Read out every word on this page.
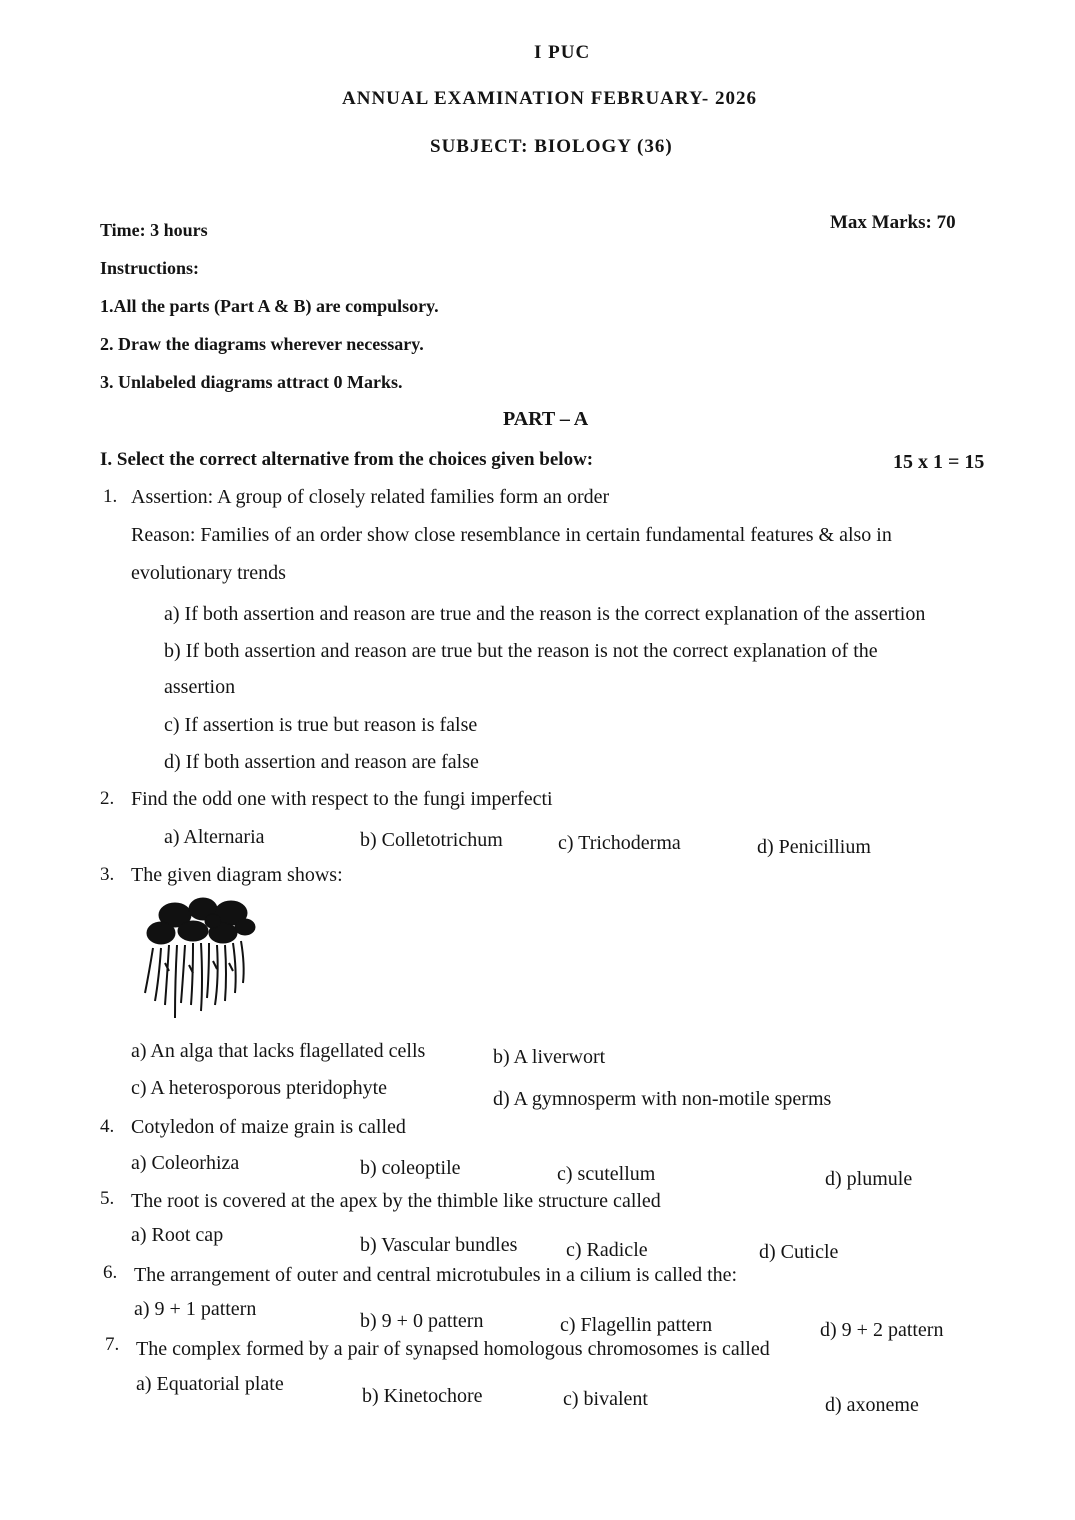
I PUC
ANNUAL EXAMINATION FEBRUARY- 2026
SUBJECT: BIOLOGY (36)
Time: 3 hours	Max Marks: 70
Instructions:
1.All the parts (Part A & B) are compulsory.
2. Draw the diagrams wherever necessary.
3. Unlabeled diagrams attract 0 Marks.
PART – A
I. Select the correct alternative from the choices given below:	15 x 1 = 15
1. Assertion: A group of closely related families form an order
Reason: Families of an order show close resemblance in certain fundamental features & also in
evolutionary trends
a) If both assertion and reason are true and the reason is the correct explanation of the assertion
b) If both assertion and reason are true but the reason is not the correct explanation of the
assertion
c) If assertion is true but reason is false
d) If both assertion and reason are false
2. Find the odd one with respect to the fungi imperfecti
a) Alternaria	b) Colletotrichum	c) Trichoderma	d) Penicillium
3. The given diagram shows:
a) An alga that lacks flagellated cells	b) A liverwort
c) A heterosporous pteridophyte	d) A gymnosperm with non-motile sperms
4. Cotyledon of maize grain is called
a) Coleorhiza	b) coleoptile	c) scutellum	d) plumule
5. The root is covered at the apex by the thimble like structure called
a) Root cap	b) Vascular bundles c) Radicle	d) Cuticle
6. The arrangement of outer and central microtubules in a cilium is called the:
a) 9 + 1 pattern
b) 9 + 0 pattern	c) Flagellin pattern	d) 9 + 2 pattern
7. The complex formed by a pair of synapsed homologous chromosomes is called
a) Equatorial plate
b) Kinetochore	c) bivalent	d) axoneme
